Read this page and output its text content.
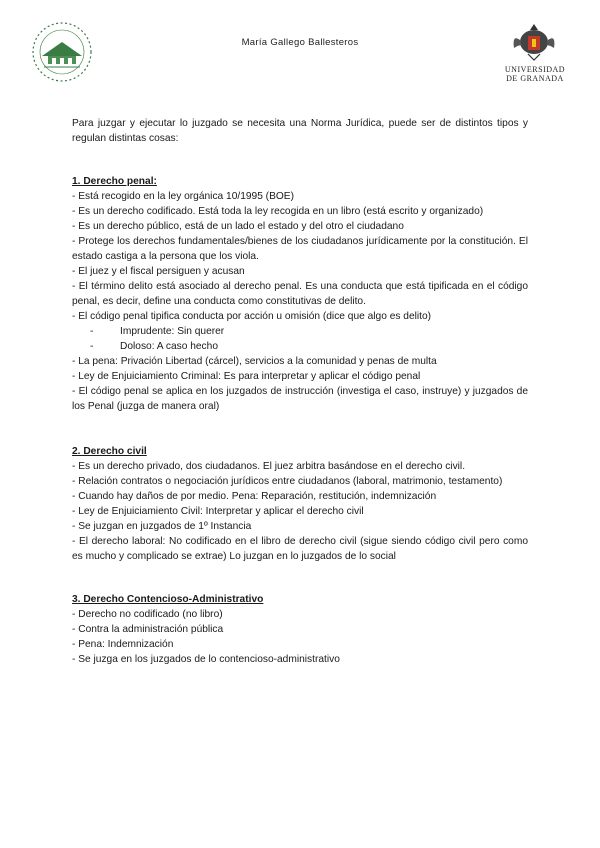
María Gallego Ballesteros
UNIVERSIDAD
DE GRANADA

Para juzgar y ejecutar lo juzgado se necesita una Norma Jurídica, puede ser de distintos tipos y regulan distintas cosas:

1. Derecho penal:

- Está recogido en la ley orgánica 10/1995 (BOE)

- Es un derecho codificado. Está toda la ley recogida en un libro (está escrito y organizado)

- Es un derecho público, está de un lado el estado y del otro el ciudadano

- Protege los derechos fundamentales/bienes de los ciudadanos jurídicamente por la constitución. El estado castiga a la persona que los viola.

- El juez y el fiscal persiguen y acusan

- El término delito está asociado al derecho penal. Es una conducta que está tipificada en el código penal, es decir, define una conducta como constitutivas de delito.

- El código penal tipifica conducta por acción u omisión (dice que algo es delito)

-	Imprudente: Sin querer

-	Doloso: A caso hecho

- La pena: Privación Libertad (cárcel), servicios a la comunidad y penas de multa

- Ley de Enjuiciamiento Criminal: Es para interpretar y aplicar el código penal

- El código penal se aplica en los juzgados de instrucción (investiga el caso, instruye) y juzgados de los Penal (juzga de manera oral)

2. Derecho civil

- Es un derecho privado, dos ciudadanos. El juez arbitra basándose en el derecho civil.

- Relación contratos o negociación jurídicos entre ciudadanos (laboral, matrimonio, testamento)

- Cuando hay daños de por medio. Pena: Reparación, restitución, indemnización

- Ley de Enjuiciamiento Civil: Interpretar y aplicar el derecho civil

- Se juzgan en juzgados de 1º Instancia

- El derecho laboral: No codificado en el libro de derecho civil (sigue siendo código civil pero como es mucho y complicado se extrae) Lo juzgan en lo juzgados de lo social

3. Derecho Contencioso-Administrativo

- Derecho no codificado (no libro)

- Contra la administración pública

- Pena: Indemnización

- Se juzga en los juzgados de lo contencioso-administrativo
